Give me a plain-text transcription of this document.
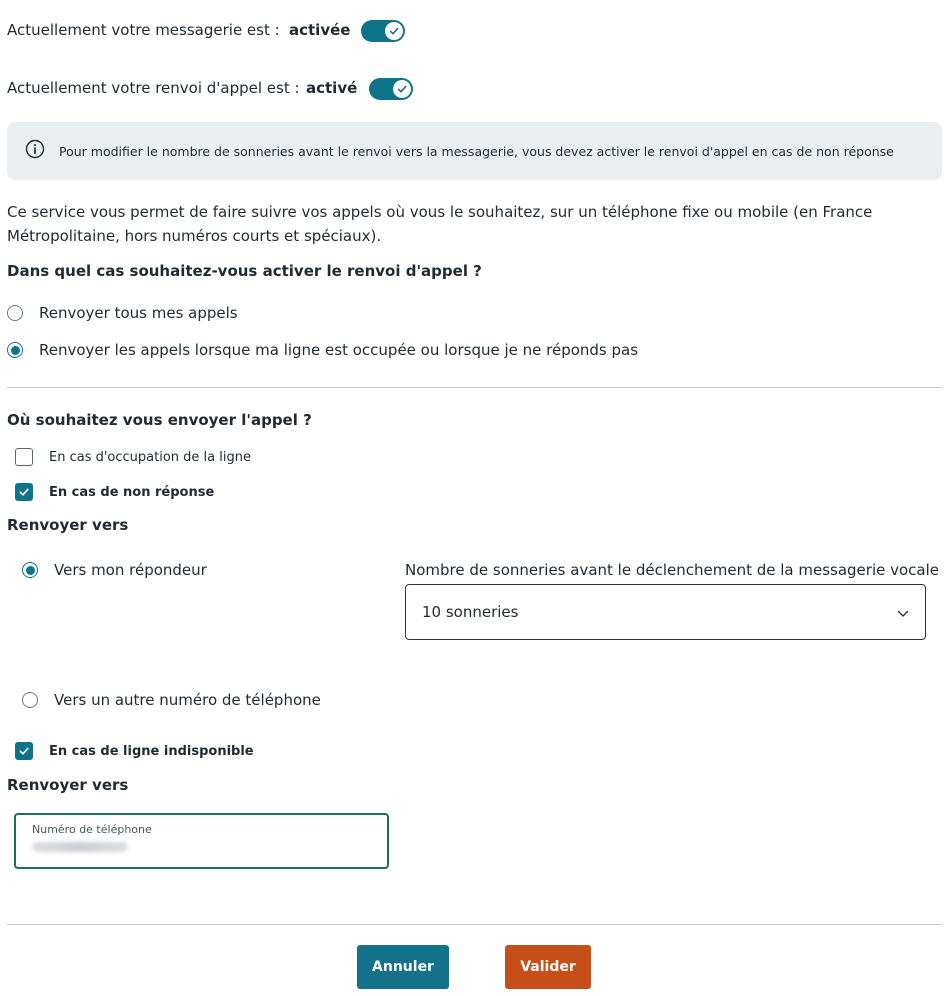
Actuellement votre messagerie est : activée
Actuellement votre renvoi d'appel est : activé
Pour modifier le nombre de sonneries avant le renvoi vers la messagerie, vous devez activer le renvoi d'appel en cas de non réponse
Ce service vous permet de faire suivre vos appels où vous le souhaitez, sur un téléphone fixe ou mobile (en France Métropolitaine, hors numéros courts et spéciaux).
Dans quel cas souhaitez-vous activer le renvoi d'appel ?
Renvoyer tous mes appels
Renvoyer les appels lorsque ma ligne est occupée ou lorsque je ne réponds pas
Où souhaitez vous envoyer l'appel ?
En cas d'occupation de la ligne
En cas de non réponse
Renvoyer vers
Vers mon répondeur	Nombre de sonneries avant le déclenchement de la messagerie vocale
10 sonneries
Vers un autre numéro de téléphone
En cas de ligne indisponible
Renvoyer vers
Numéro de téléphone
Annuler	Valider
